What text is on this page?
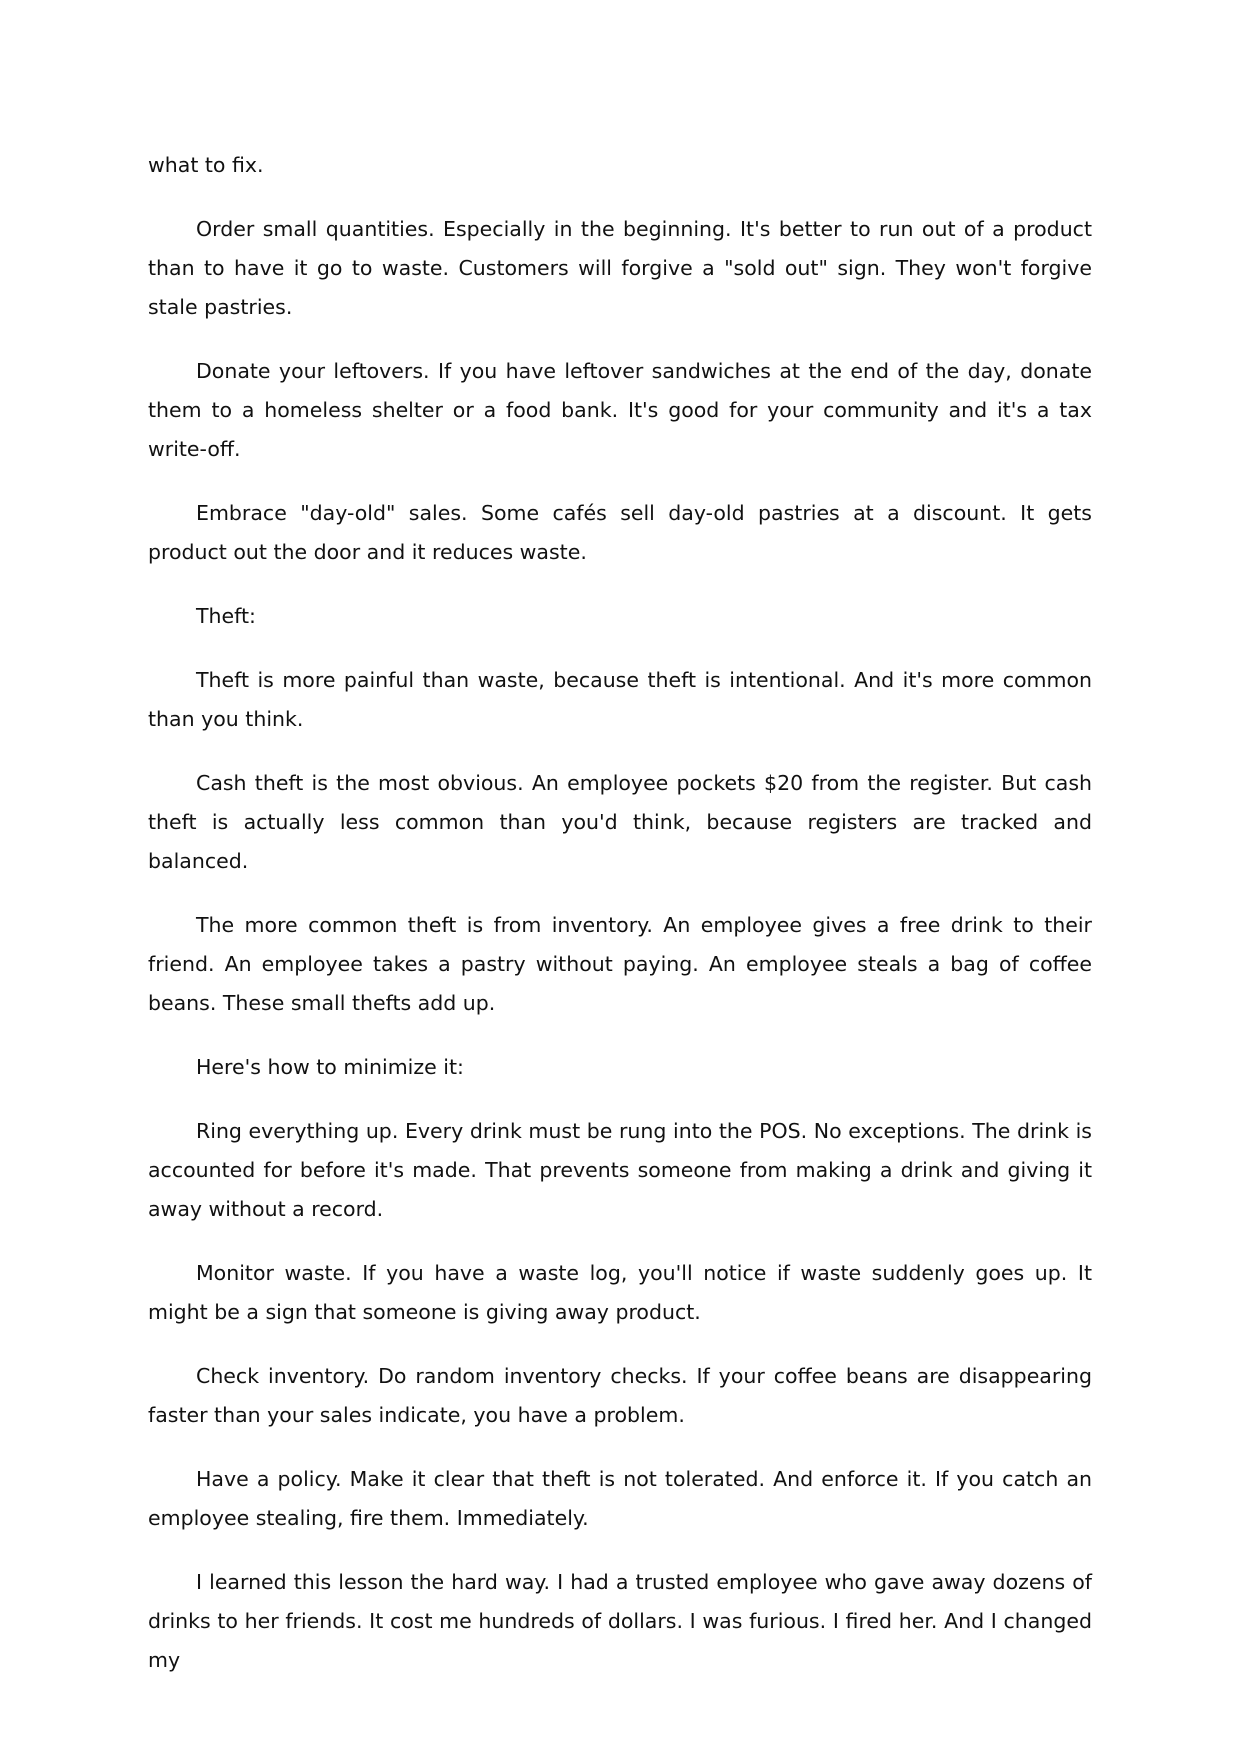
what to fix.

Order small quantities. Especially in the beginning. It's better to run out of a product than to have it go to waste. Customers will forgive a "sold out" sign. They won't forgive stale pastries.

Donate your leftovers. If you have leftover sandwiches at the end of the day, donate them to a homeless shelter or a food bank. It's good for your community and it's a tax write-off.

Embrace "day-old" sales. Some cafés sell day-old pastries at a discount. It gets product out the door and it reduces waste.

Theft:

Theft is more painful than waste, because theft is intentional. And it's more common than you think.

Cash theft is the most obvious. An employee pockets $20 from the register. But cash theft is actually less common than you'd think, because registers are tracked and balanced.

The more common theft is from inventory. An employee gives a free drink to their friend. An employee takes a pastry without paying. An employee steals a bag of coffee beans. These small thefts add up.

Here's how to minimize it:

Ring everything up. Every drink must be rung into the POS. No exceptions. The drink is accounted for before it's made. That prevents someone from making a drink and giving it away without a record.

Monitor waste. If you have a waste log, you'll notice if waste suddenly goes up. It might be a sign that someone is giving away product.

Check inventory. Do random inventory checks. If your coffee beans are disappearing faster than your sales indicate, you have a problem.

Have a policy. Make it clear that theft is not tolerated. And enforce it. If you catch an employee stealing, fire them. Immediately.

I learned this lesson the hard way. I had a trusted employee who gave away dozens of drinks to her friends. It cost me hundreds of dollars. I was furious. I fired her. And I changed my
